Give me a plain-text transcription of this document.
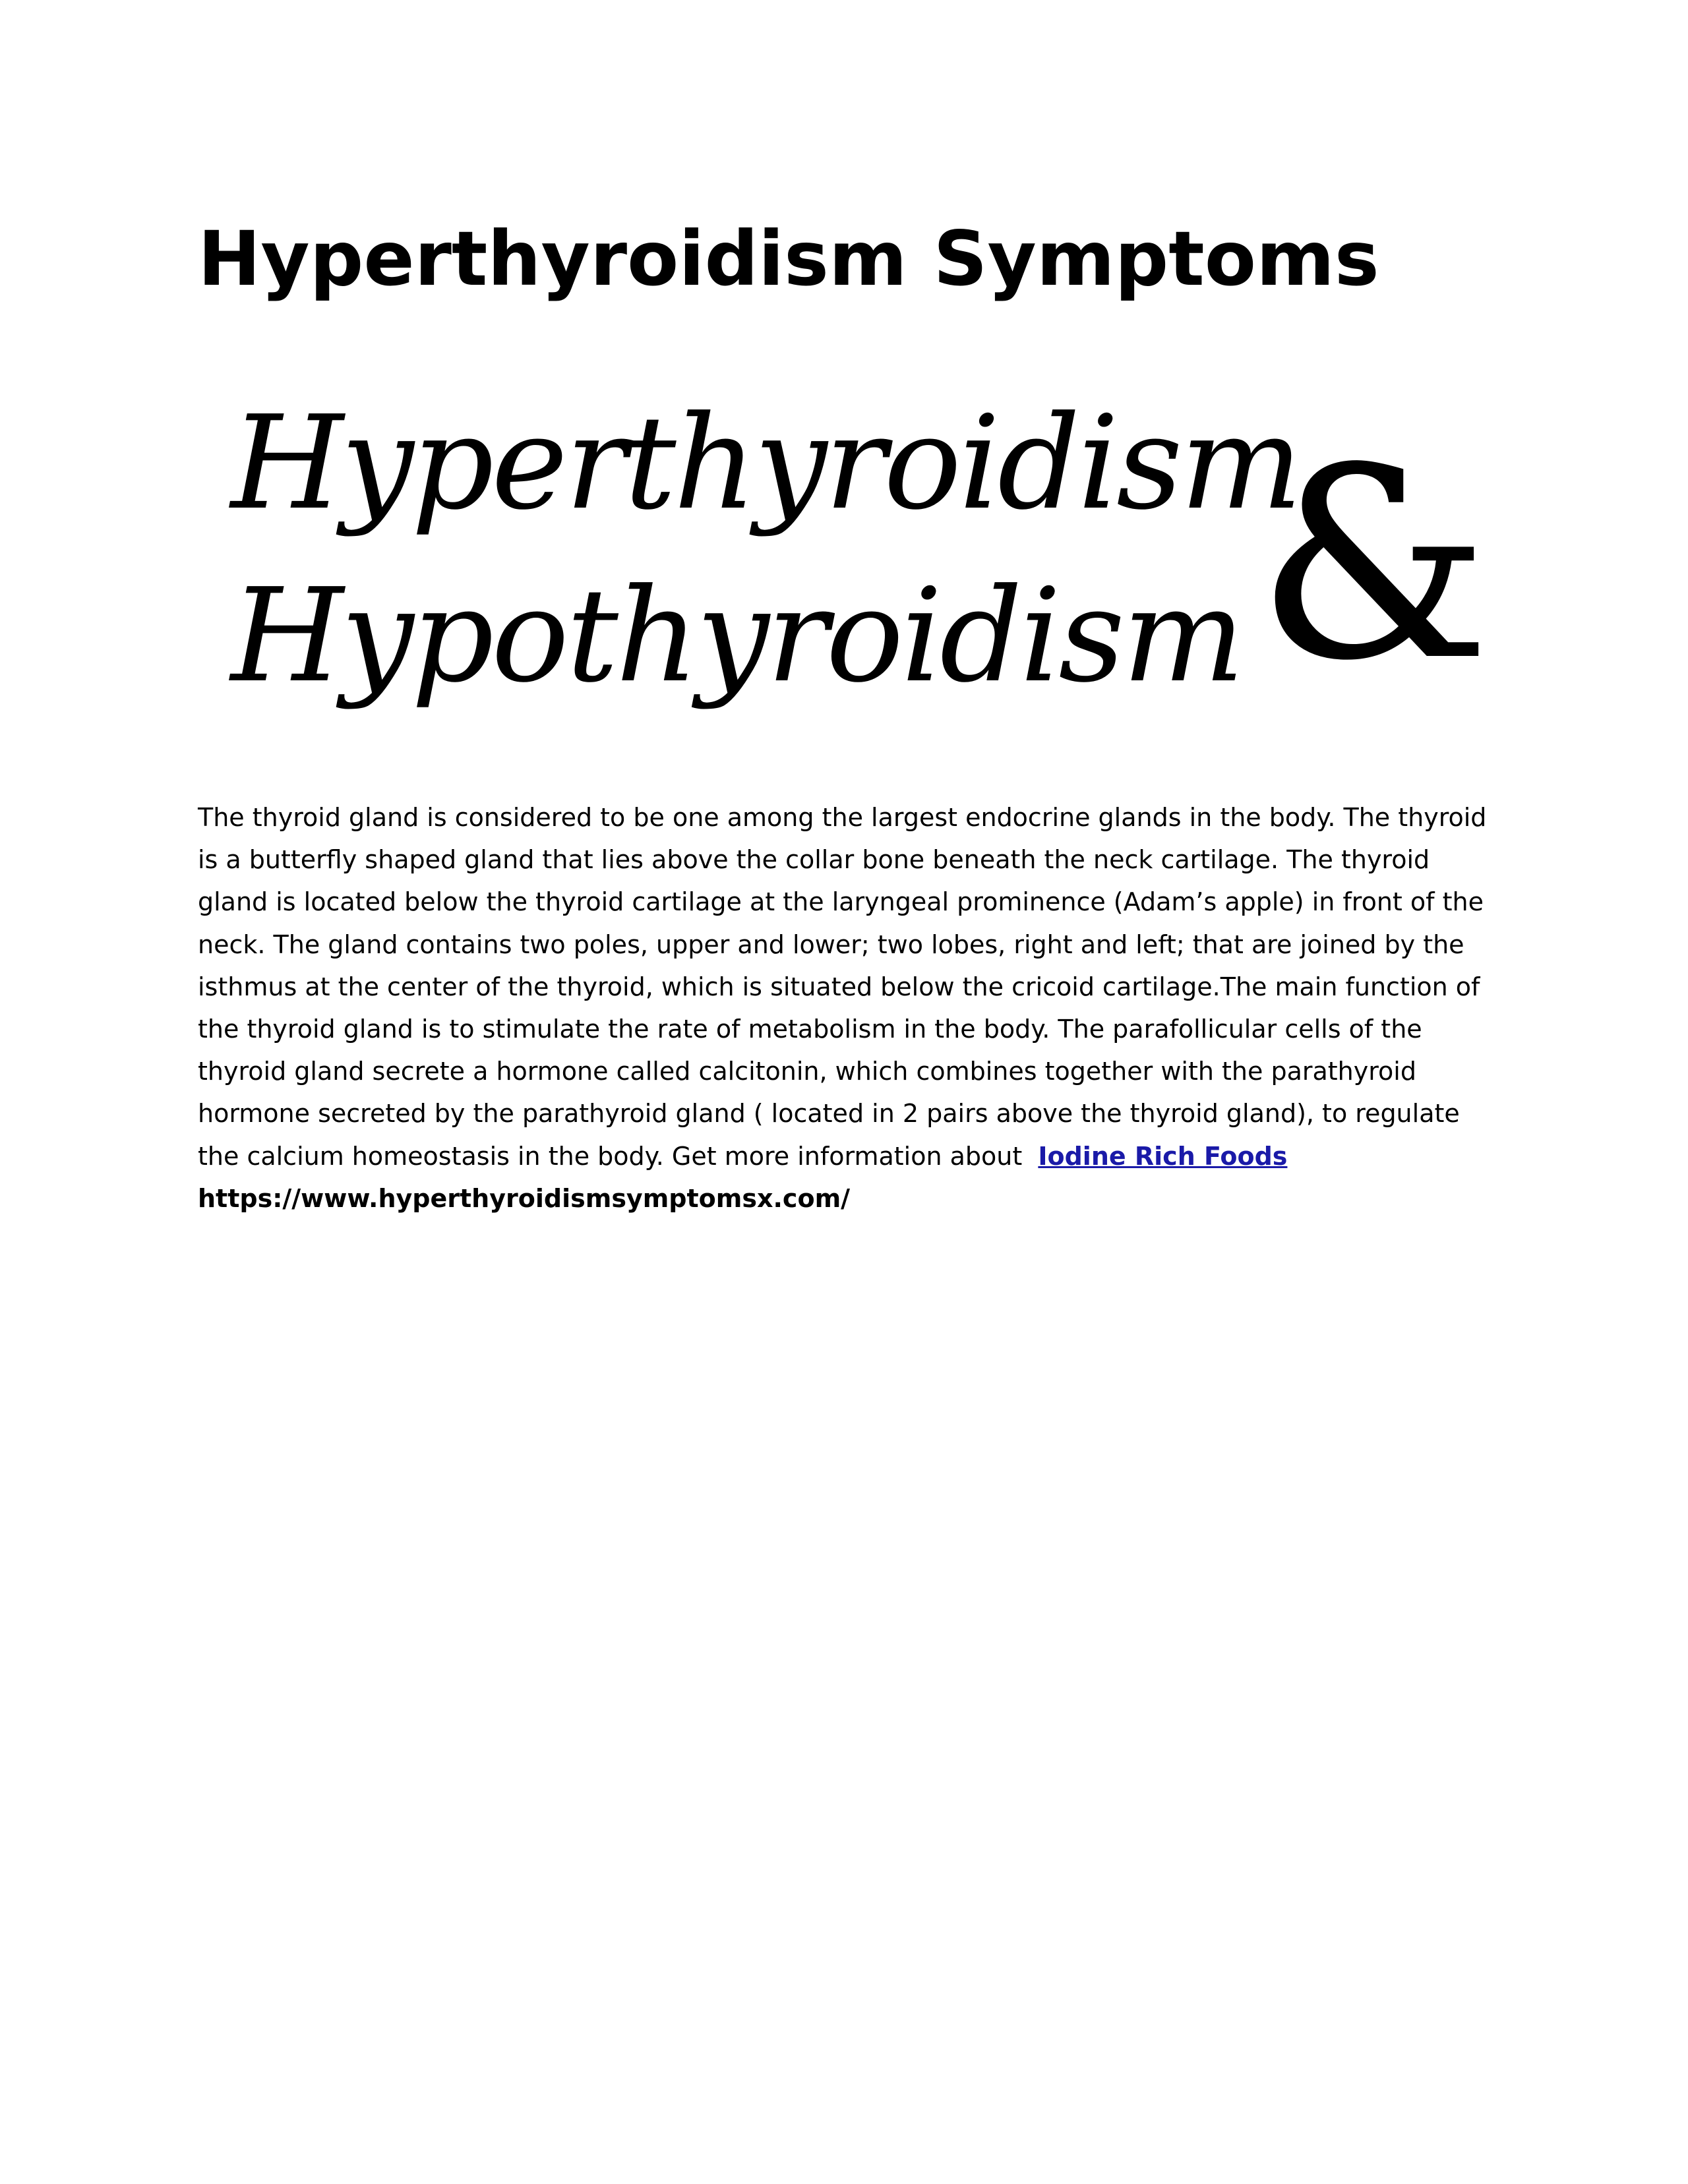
Hyperthyroidism Symptoms

Hyperthyroidism

Hypothyroidism &

The thyroid gland is considered to be one among the largest endocrine glands in the body. The thyroid is a butterfly shaped gland that lies above the collar bone beneath the neck cartilage. The thyroid gland is located below the thyroid cartilage at the laryngeal prominence (Adam’s apple) in front of the neck. The gland contains two poles, upper and lower; two lobes, right and left; that are joined by the isthmus at the center of the thyroid, which is situated below the cricoid cartilage.The main function of the thyroid gland is to stimulate the rate of metabolism in the body. The parafollicular cells of the thyroid gland secrete a hormone called calcitonin, which combines together with the parathyroid hormone secreted by the parathyroid gland ( located in 2 pairs above the thyroid gland), to regulate the calcium homeostasis in the body. Get more information about Iodine Rich Foods

https://www.hyperthyroidismsymptomsx.com/
